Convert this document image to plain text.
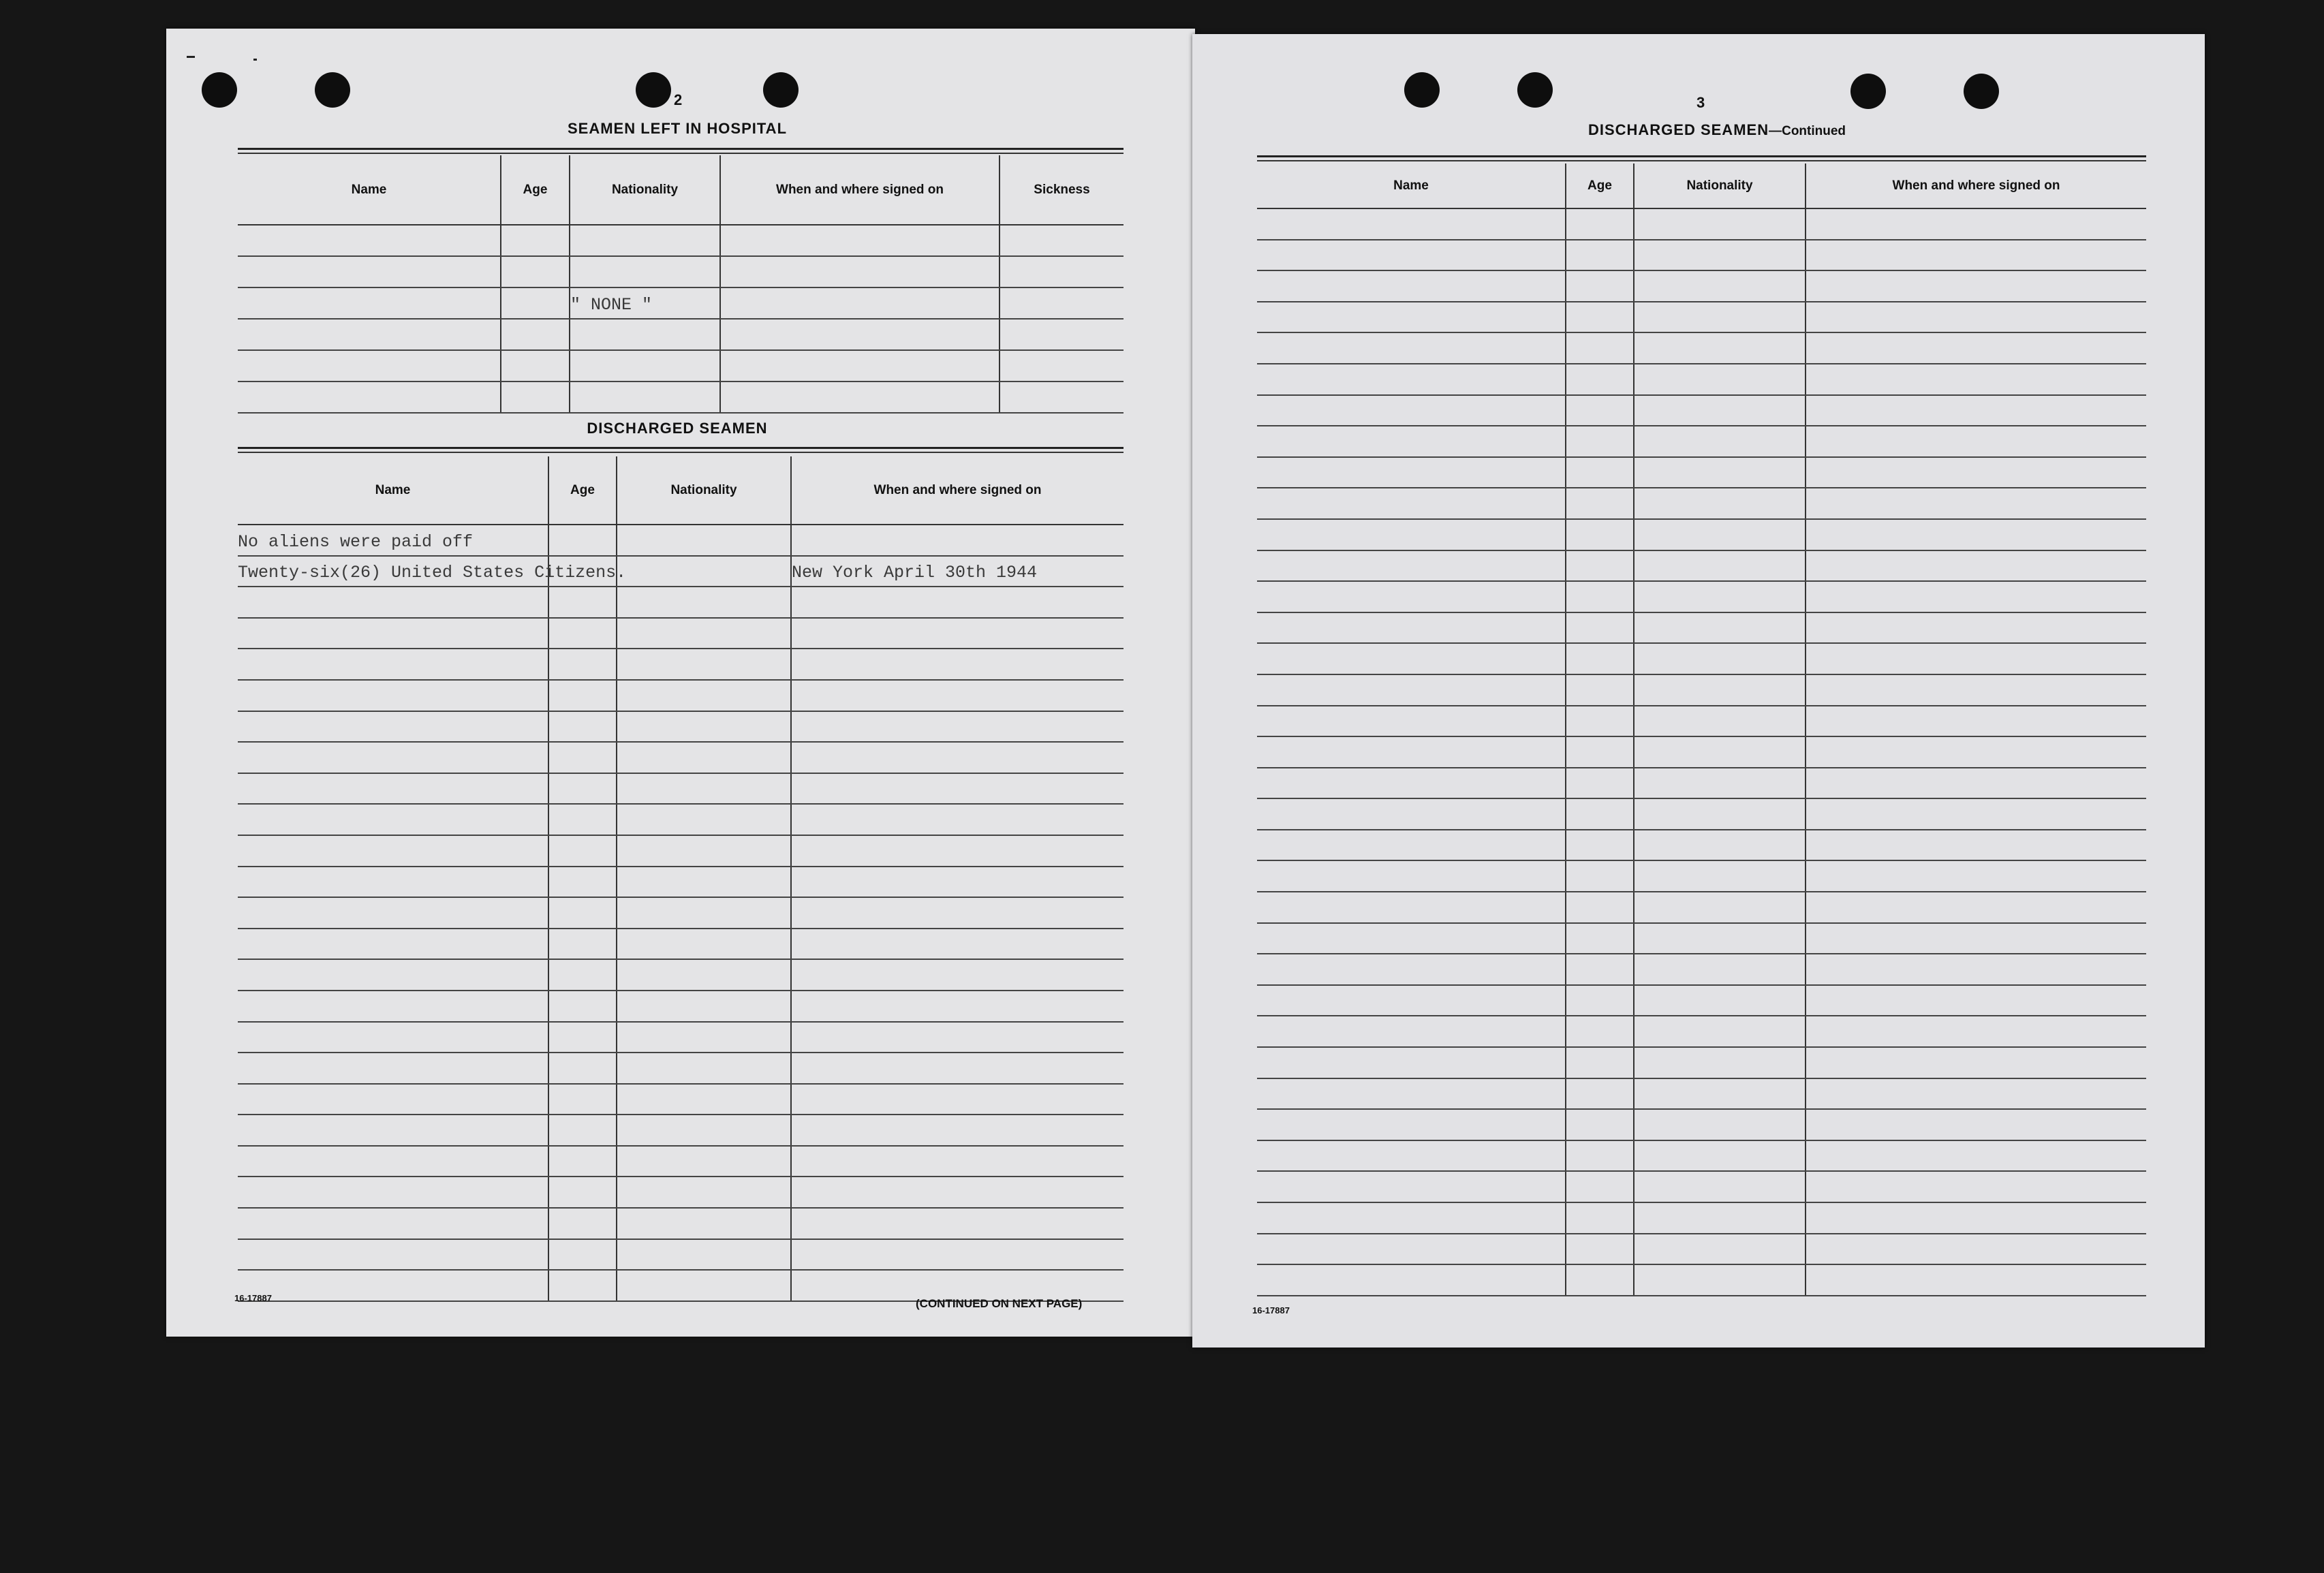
2
SEAMEN LEFT IN HOSPITAL
Name	Age	Nationality	When and where signed on	Sickness

		" NONE "		

DISCHARGED SEAMEN
Name	Age	Nationality	When and where signed on
No aliens were paid off			
Twenty-six(26) United States Citizens.			New York April 30th 1944

16-17887	(CONTINUED ON NEXT PAGE)
3
DISCHARGED SEAMEN—Continued
Name	Age	Nationality	When and where signed on

16-17887
